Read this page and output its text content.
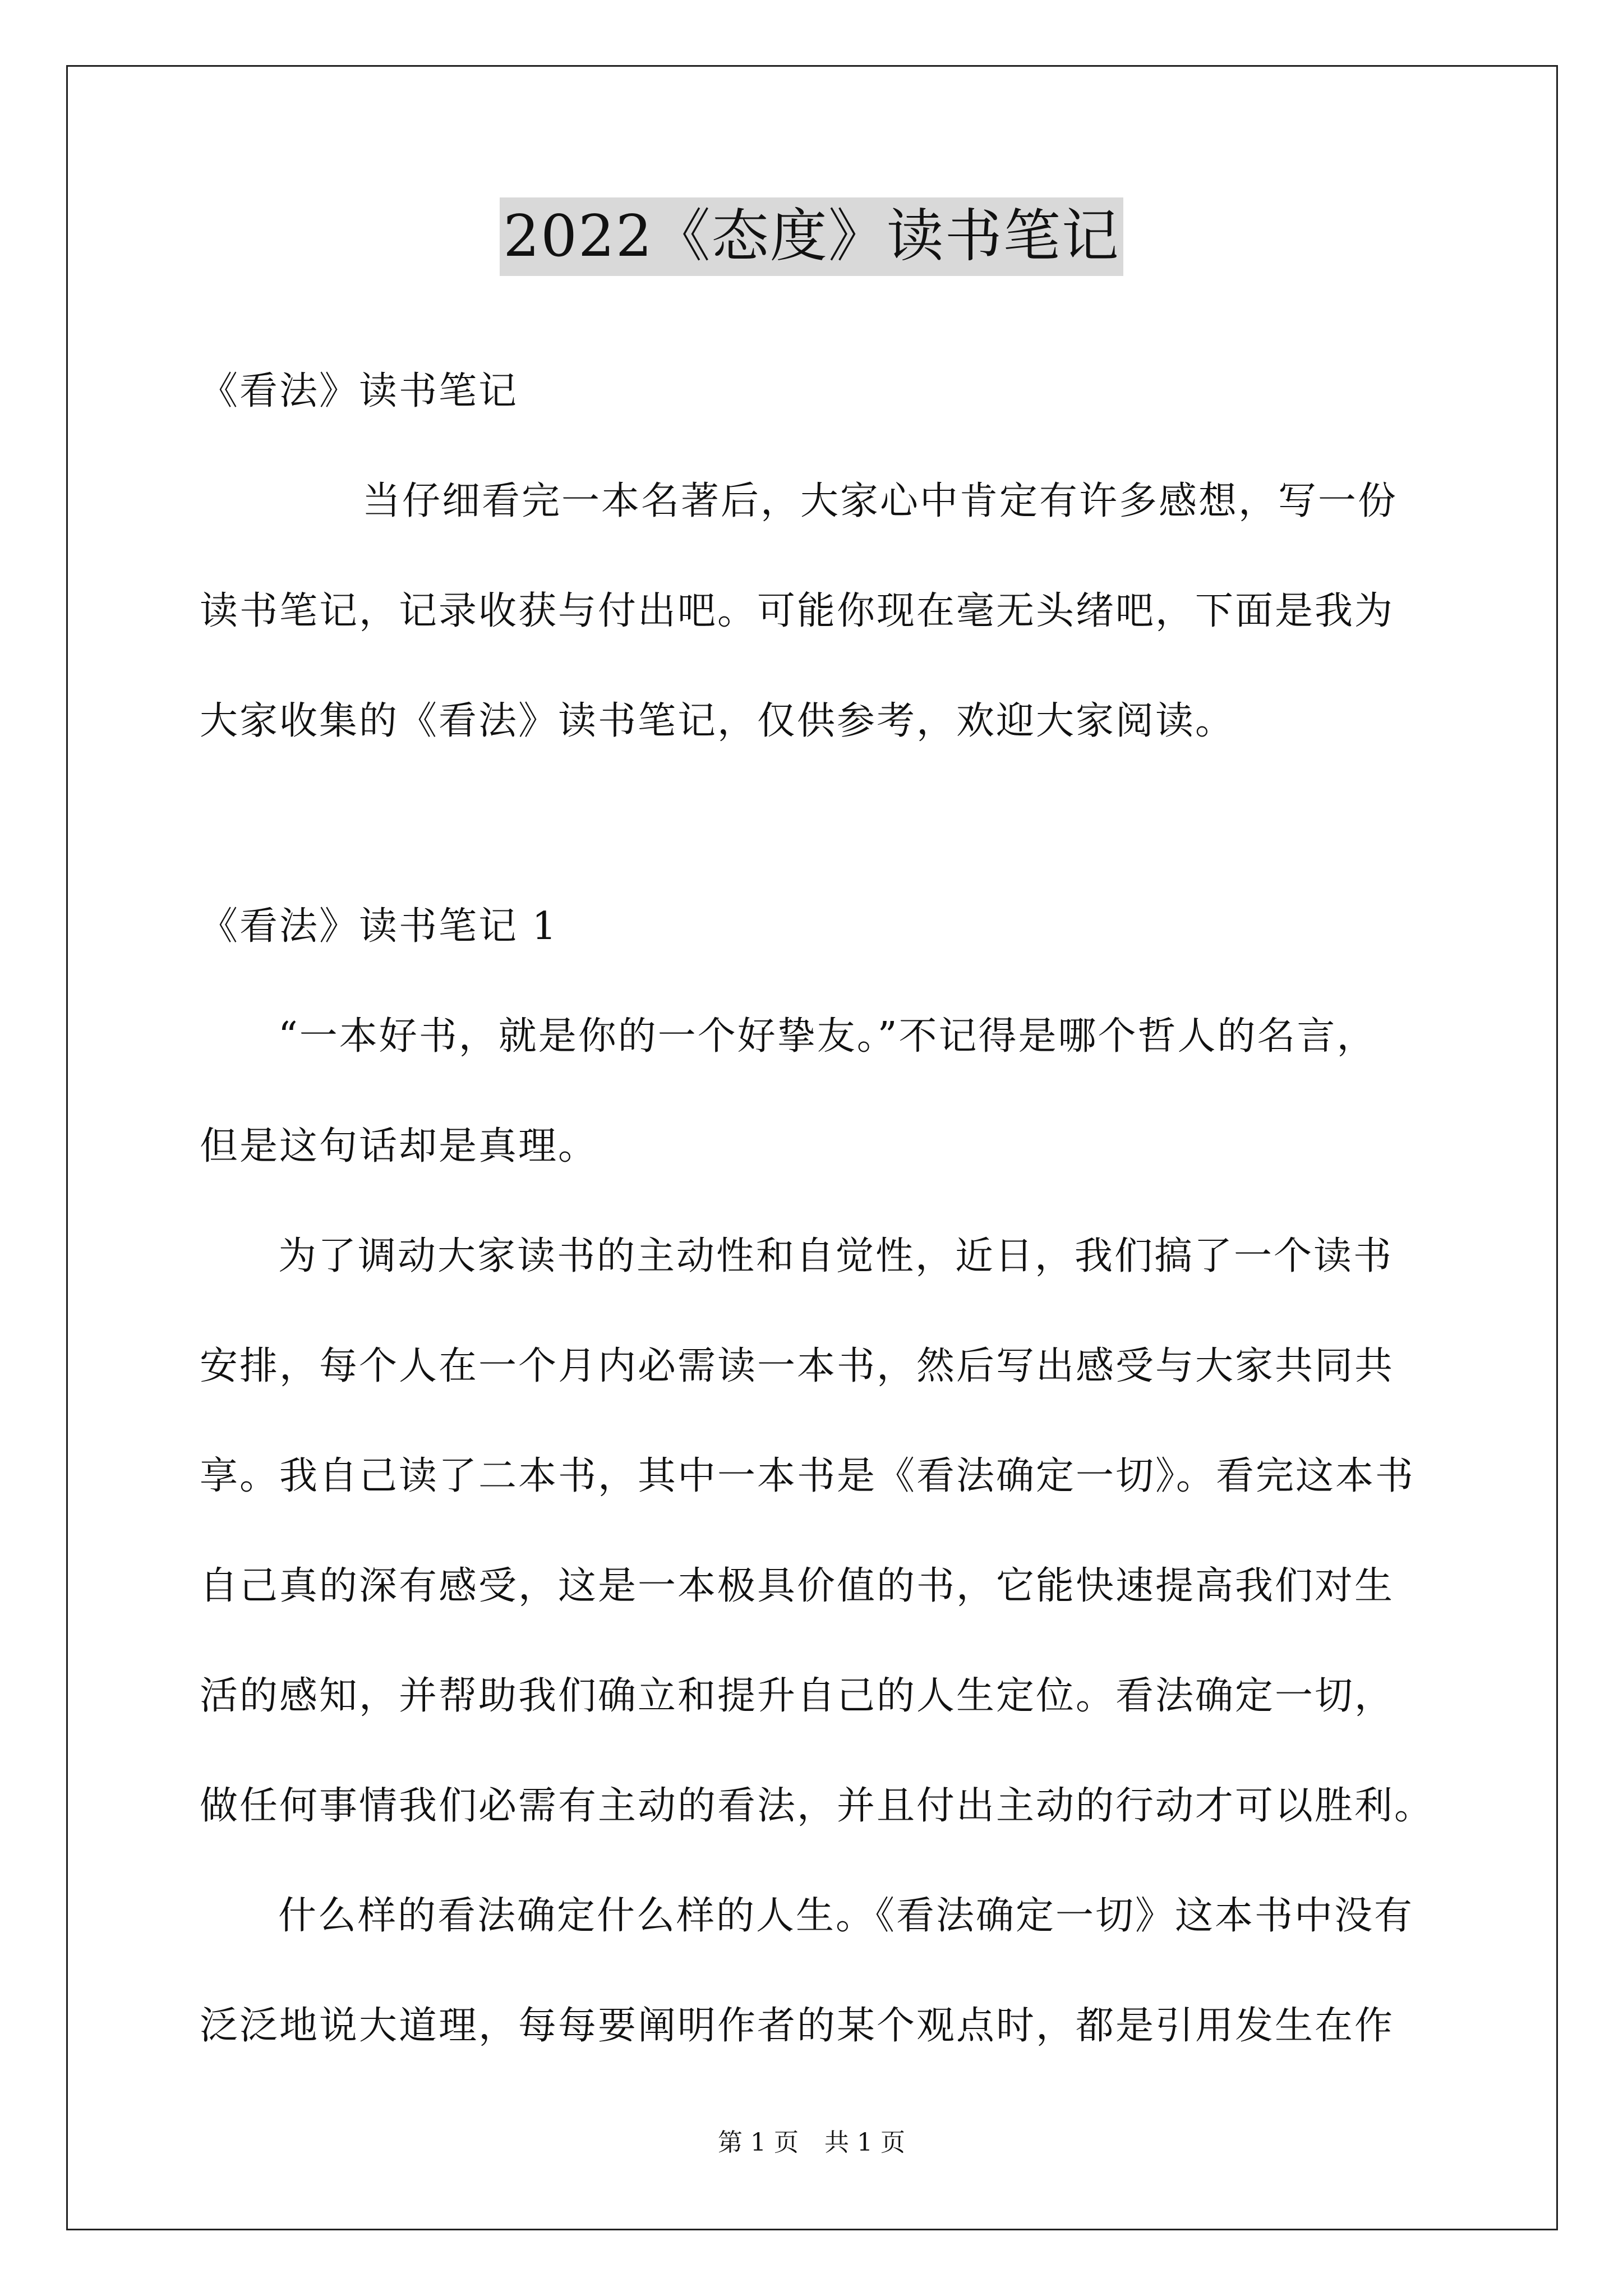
2022《态度》读书笔记
《看法》读书笔记
当仔细看完一本名著后，大家心中肯定有许多感想，写一份
读书笔记，记录收获与付出吧。可能你现在毫无头绪吧，下面是我为
大家收集的《看法》读书笔记，仅供参考，欢迎大家阅读。
《看法》读书笔记 1
“一本好书，就是你的一个好挚友。”不记得是哪个哲人的名言，
但是这句话却是真理。
为了调动大家读书的主动性和自觉性，近日，我们搞了一个读书
安排，每个人在一个月内必需读一本书，然后写出感受与大家共同共
享。我自己读了二本书，其中一本书是《看法确定一切》。看完这本书
自己真的深有感受，这是一本极具价值的书，它能快速提高我们对生
活的感知，并帮助我们确立和提升自己的人生定位。看法确定一切，
做任何事情我们必需有主动的看法，并且付出主动的行动才可以胜利。
什么样的看法确定什么样的人生。《看法确定一切》这本书中没有
泛泛地说大道理，每每要阐明作者的某个观点时，都是引用发生在作
第 1 页 共 1 页
